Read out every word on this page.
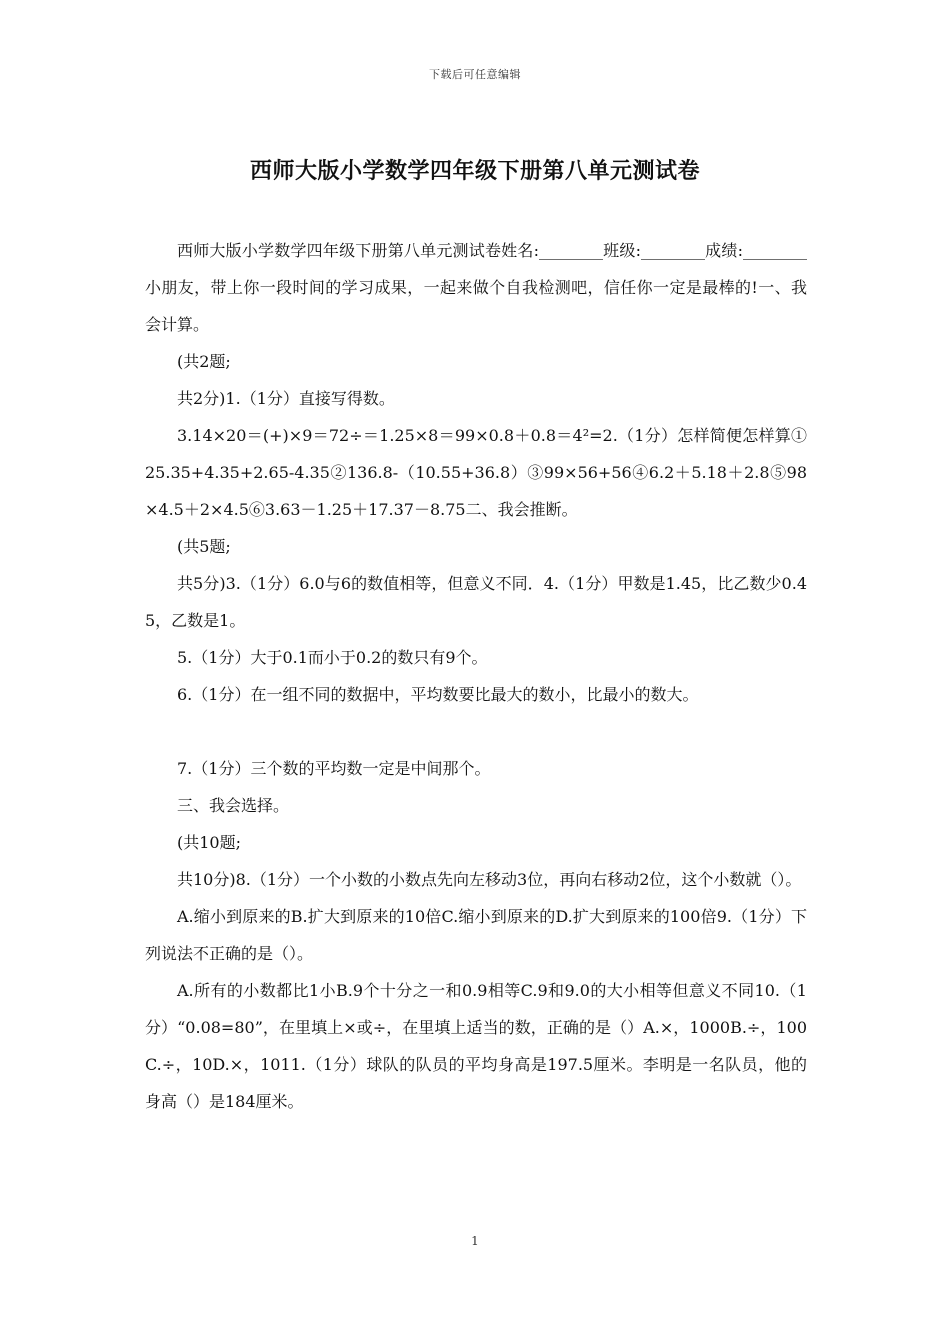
下载后可任意编辑
西师大版小学数学四年级下册第八单元测试卷

西师大版小学数学四年级下册第八单元测试卷姓名:________班级:________成绩:________小朋友，带上你一段时间的学习成果，一起来做个自我检测吧，信任你一定是最棒的!一、我会计算。

(共2题;

共2分)1.（1分）直接写得数。

3.14×20＝(+)×9＝72÷＝1.25×8＝99×0.8＋0.8＝4²=2.（1分）怎样简便怎样算① 25.35+4.35+2.65-4.35②136.8-（10.55+36.8）③99×56+56④6.2＋5.18＋2.8⑤98×4.5＋2×4.5⑥3.63－1.25＋17.37－8.75二、我会推断。

(共5题;

共5分)3.（1分）6.0与6的数值相等，但意义不同．4.（1分）甲数是1.45，比乙数少0.45，乙数是1。

5.（1分）大于0.1而小于0.2的数只有9个。

6.（1分）在一组不同的数据中，平均数要比最大的数小，比最小的数大。

7.（1分）三个数的平均数一定是中间那个。

三、我会选择。

(共10题;

共10分)8.（1分）一个小数的小数点先向左移动3位，再向右移动2位，这个小数就（）。

A.缩小到原来的B.扩大到原来的10倍C.缩小到原来的D.扩大到原来的100倍9.（1分）下列说法不正确的是（）。

A.所有的小数都比1小B.9个十分之一和0.9相等C.9和9.0的大小相等但意义不同10.（1分）“0.08=80”，在里填上×或÷，在里填上适当的数，正确的是（）A.×，1000B.÷，100C.÷，10D.×，1011.（1分）球队的队员的平均身高是197.5厘米。李明是一名队员，他的身高（）是184厘米。

1
